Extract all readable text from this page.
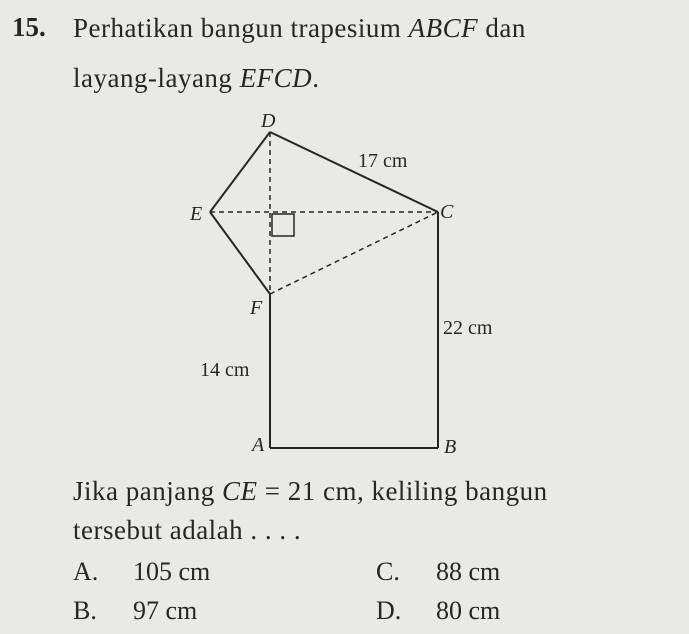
15. Perhatikan bangun trapesium ABCF dan
layang-layang EFCD.
D
E	C
F
A	B
17 cm
22 cm
14 cm
Jika panjang CE = 21 cm, keliling bangun
tersebut adalah . . . .
A. 105 cm
B. 97 cm
C. 88 cm
D. 80 cm
